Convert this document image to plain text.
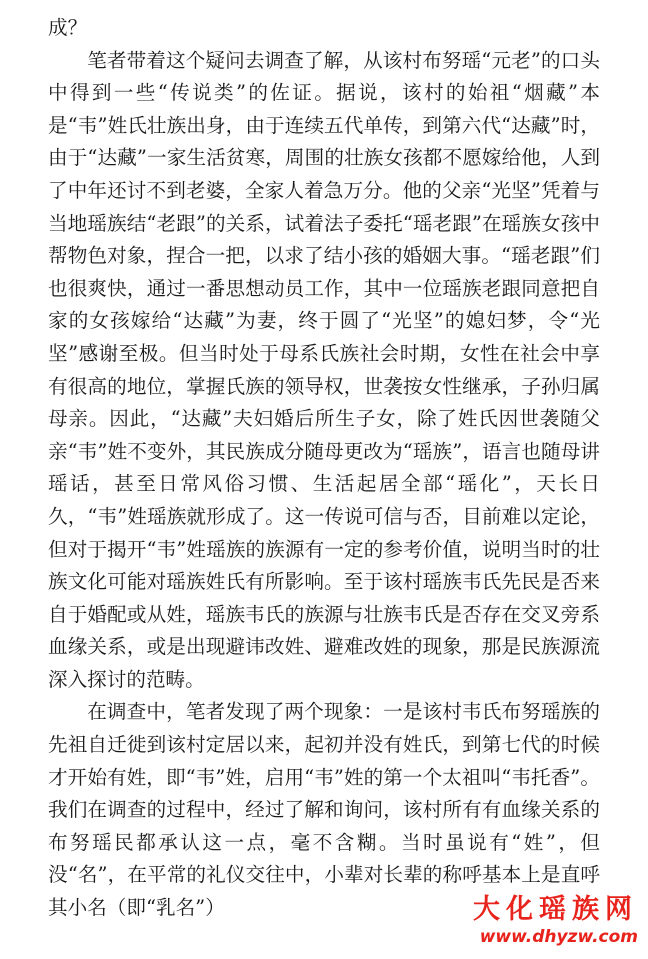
成？

笔者带着这个疑问去调查了解，从该村布努瑶“元老”的口头中得到一些“传说类”的佐证。据说，该村的始祖“烟藏”本是“韦”姓氏壮族出身，由于连续五代单传，到第六代“达藏”时，由于“达藏”一家生活贫寒，周围的壮族女孩都不愿嫁给他，人到了中年还讨不到老婆，全家人着急万分。他的父亲“光坚”凭着与当地瑶族结“老跟”的关系，试着法子委托“瑶老跟”在瑶族女孩中帮物色对象，捏合一把，以求了结小孩的婚姻大事。“瑶老跟”们也很爽快，通过一番思想动员工作，其中一位瑶族老跟同意把自家的女孩嫁给“达藏”为妻，终于圆了“光坚”的媳妇梦，令“光坚”感谢至极。但当时处于母系氏族社会时期，女性在社会中享有很高的地位，掌握氏族的领导权，世袭按女性继承，子孙归属母亲。因此，“达藏”夫妇婚后所生子女，除了姓氏因世袭随父亲“韦”姓不变外，其民族成分随母更改为“瑶族”，语言也随母讲瑶话，甚至日常风俗习惯、生活起居全部“瑶化”，天长日久，“韦”姓瑶族就形成了。这一传说可信与否，目前难以定论，但对于揭开“韦”姓瑶族的族源有一定的参考价值，说明当时的壮族文化可能对瑶族姓氏有所影响。至于该村瑶族韦氏先民是否来自于婚配或从姓，瑶族韦氏的族源与壮族韦氏是否存在交叉旁系血缘关系，或是出现避讳改姓、避难改姓的现象，那是民族源流深入探讨的范畴。

在调查中，笔者发现了两个现象：一是该村韦氏布努瑶族的先祖自迁徙到该村定居以来，起初并没有姓氏，到第七代的时候才开始有姓，即“韦”姓，启用“韦”姓的第一个太祖叫“韦托香”。我们在调查的过程中，经过了解和询问，该村所有有血缘关系的布努瑶民都承认这一点，毫不含糊。当时虽说有“姓”，但没“名”，在平常的礼仪交往中，小辈对长辈的称呼基本上是直呼其小名（即“乳名”）	大化瑶族网
www.dhyzw.com
